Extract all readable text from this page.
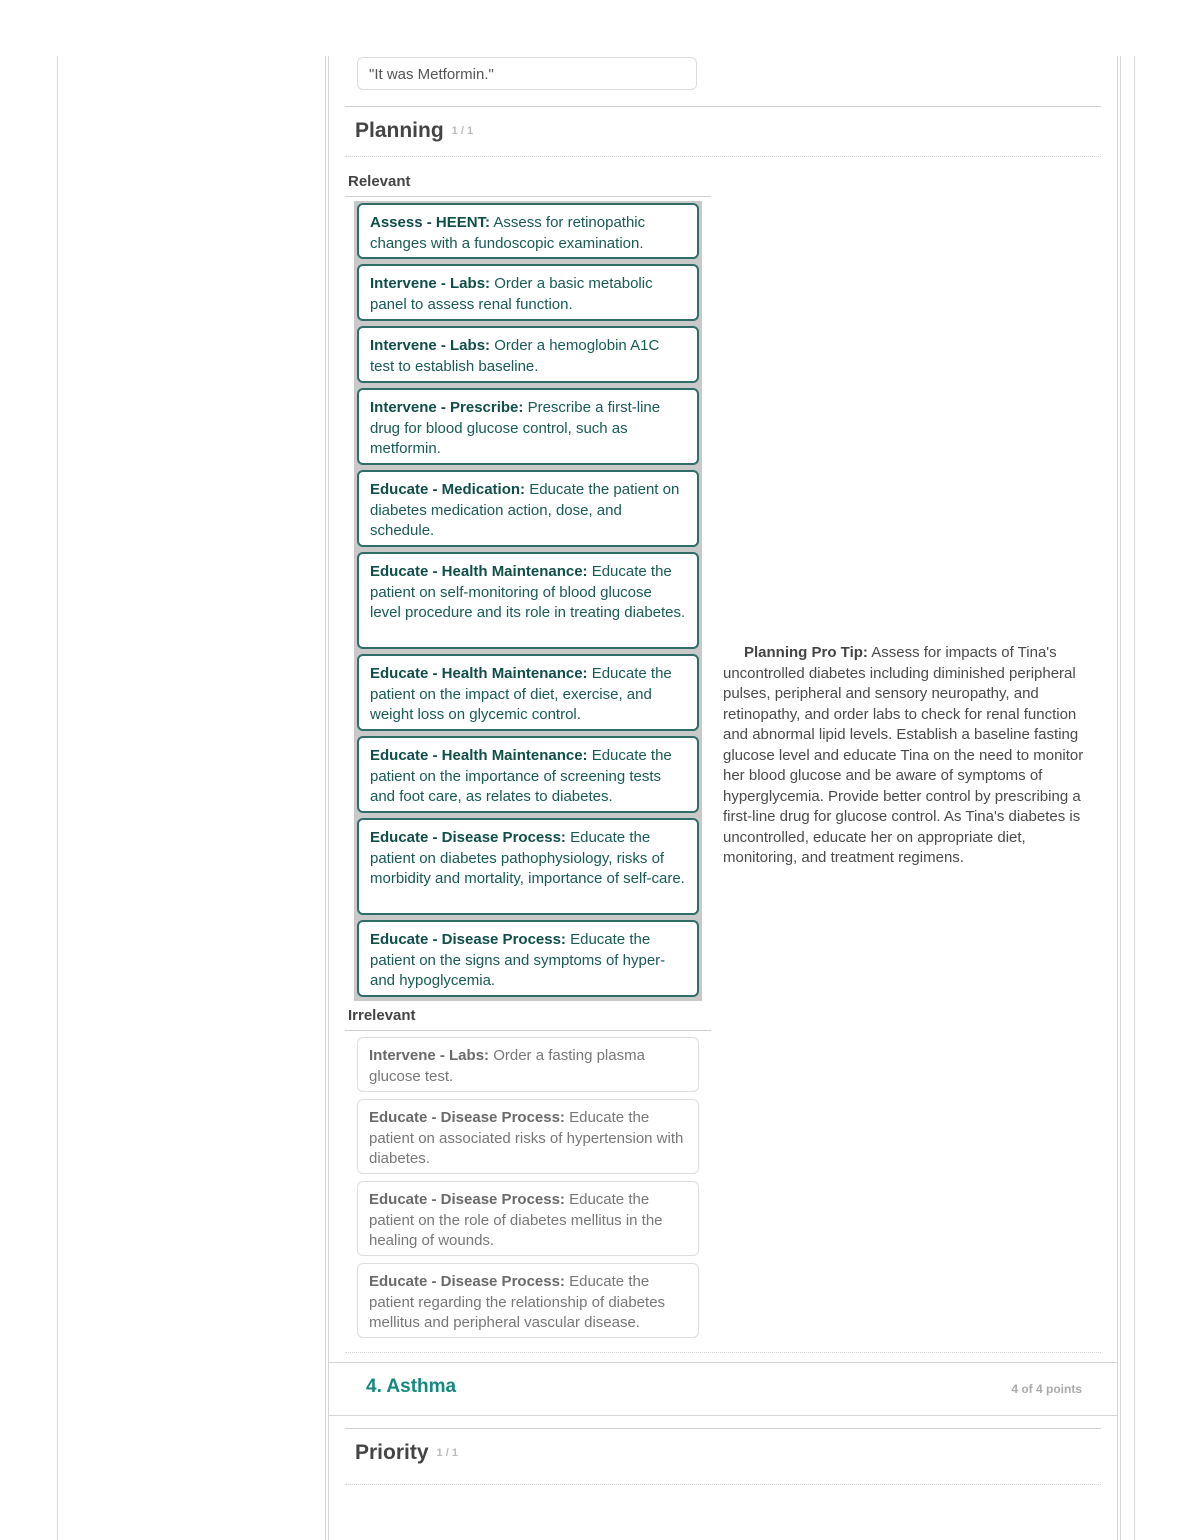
"It was Metformin."
Planning 1 / 1
Relevant
Assess - HEENT: Assess for retinopathic changes with a fundoscopic examination.
Intervene - Labs: Order a basic metabolic panel to assess renal function.
Intervene - Labs: Order a hemoglobin A1C test to establish baseline.
Intervene - Prescribe: Prescribe a first-line drug for blood glucose control, such as metformin.
Educate - Medication: Educate the patient on diabetes medication action, dose, and schedule.
Educate - Health Maintenance: Educate the patient on self-monitoring of blood glucose level procedure and its role in treating diabetes.
Educate - Health Maintenance: Educate the patient on the impact of diet, exercise, and weight loss on glycemic control.
Educate - Health Maintenance: Educate the patient on the importance of screening tests and foot care, as relates to diabetes.
Educate - Disease Process: Educate the patient on diabetes pathophysiology, risks of morbidity and mortality, importance of self-care.
Educate - Disease Process: Educate the patient on the signs and symptoms of hyper- and hypoglycemia.
Irrelevant
Intervene - Labs: Order a fasting plasma glucose test.
Educate - Disease Process: Educate the patient on associated risks of hypertension with diabetes.
Educate - Disease Process: Educate the patient on the role of diabetes mellitus in the healing of wounds.
Educate - Disease Process: Educate the patient regarding the relationship of diabetes mellitus and peripheral vascular disease.
Planning Pro Tip: Assess for impacts of Tina's uncontrolled diabetes including diminished peripheral pulses, peripheral and sensory neuropathy, and retinopathy, and order labs to check for renal function and abnormal lipid levels. Establish a baseline fasting glucose level and educate Tina on the need to monitor her blood glucose and be aware of symptoms of hyperglycemia. Provide better control by prescribing a first-line drug for glucose control. As Tina's diabetes is uncontrolled, educate her on appropriate diet, monitoring, and treatment regimens.
4. Asthma	4 of 4 points
Priority 1 / 1
